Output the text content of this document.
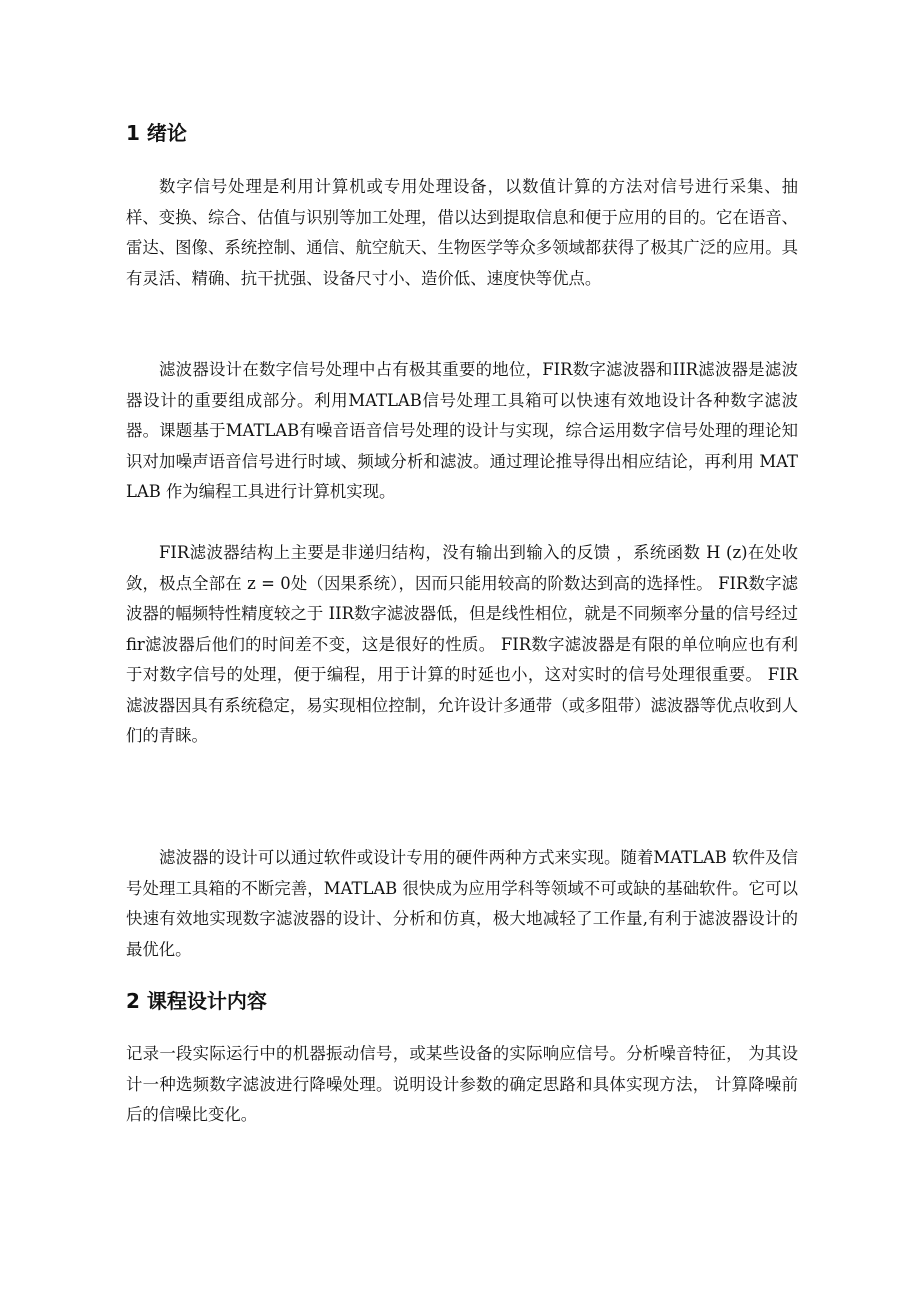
1 绪论

数字信号处理是利用计算机或专用处理设备，以数值计算的方法对信号进行采集、抽样、变换、综合、估值与识别等加工处理，借以达到提取信息和便于应用的目的。它在语音、雷达、图像、系统控制、通信、航空航天、生物医学等众多领域都获得了极其广泛的应用。具有灵活、精确、抗干扰强、设备尺寸小、造价低、速度快等优点。

滤波器设计在数字信号处理中占有极其重要的地位，FIR数字滤波器和IIR滤波器是滤波器设计的重要组成部分。利用MATLAB信号处理工具箱可以快速有效地设计各种数字滤波器。课题基于MATLAB有噪音语音信号处理的设计与实现，综合运用数字信号处理的理论知识对加噪声语音信号进行时域、频域分析和滤波。通过理论推导得出相应结论，再利用 MATLAB 作为编程工具进行计算机实现。

FIR滤波器结构上主要是非递归结构，没有输出到输入的反馈 ，系统函数 H (z)在处收敛，极点全部在 z = 0处（因果系统），因而只能用较高的阶数达到高的选择性。 FIR数字滤波器的幅频特性精度较之于 IIR数字滤波器低，但是线性相位，就是不同频率分量的信号经过 fir滤波器后他们的时间差不变，这是很好的性质。 FIR数字滤波器是有限的单位响应也有利于对数字信号的处理，便于编程，用于计算的时延也小，这对实时的信号处理很重要。 FIR滤波器因具有系统稳定，易实现相位控制，允许设计多通带（或多阻带）滤波器等优点收到人们的青睐。

滤波器的设计可以通过软件或设计专用的硬件两种方式来实现。随着MATLAB 软件及信号处理工具箱的不断完善，MATLAB 很快成为应用学科等领域不可或缺的基础软件。它可以快速有效地实现数字滤波器的设计、分析和仿真，极大地减轻了工作量,有利于滤波器设计的最优化。

2 课程设计内容

记录一段实际运行中的机器振动信号，或某些设备的实际响应信号。分析噪音特征， 为其设计一种选频数字滤波进行降噪处理。说明设计参数的确定思路和具体实现方法， 计算降噪前后的信噪比变化。
